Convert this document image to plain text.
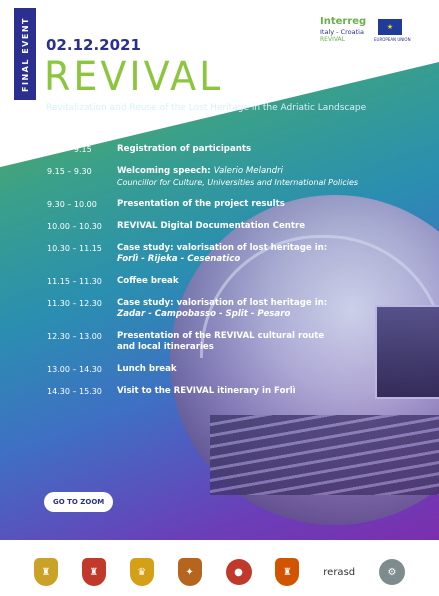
FINAL EVENT 02.12.2021
REVIVAL
Revitalization and Reuse of the Lost Heritage in the Adriatic Landscape
Interreg
Italy - Croatia
REVIVAL
★
EUROPEAN UNION
9.00 – 9.15	Registration of participants
9.15 – 9.30	Welcoming speech: Valerio Melandri
Councillor for Culture, Universities and International Policies
9.30 – 10.00	Presentation of the project results
10.00 – 10.30	REVIVAL Digital Documentation Centre
10.30 – 11.15	Case study: valorisation of lost heritage in:
Forlì - Rijeka - Cesenatico
11.15 – 11.30	Coffee break
11.30 – 12.30	Case study: valorisation of lost heritage in:
Zadar - Campobasso - Split - Pesaro
12.30 – 13.00	Presentation of the REVIVAL cultural route
and local itineraries
13.00 – 14.30	Lunch break
14.30 – 15.30	Visit to the REVIVAL itinerary in Forlì
GO TO ZOOM
♜	♜	♛	✦	●	♜	rerasd	⚙
